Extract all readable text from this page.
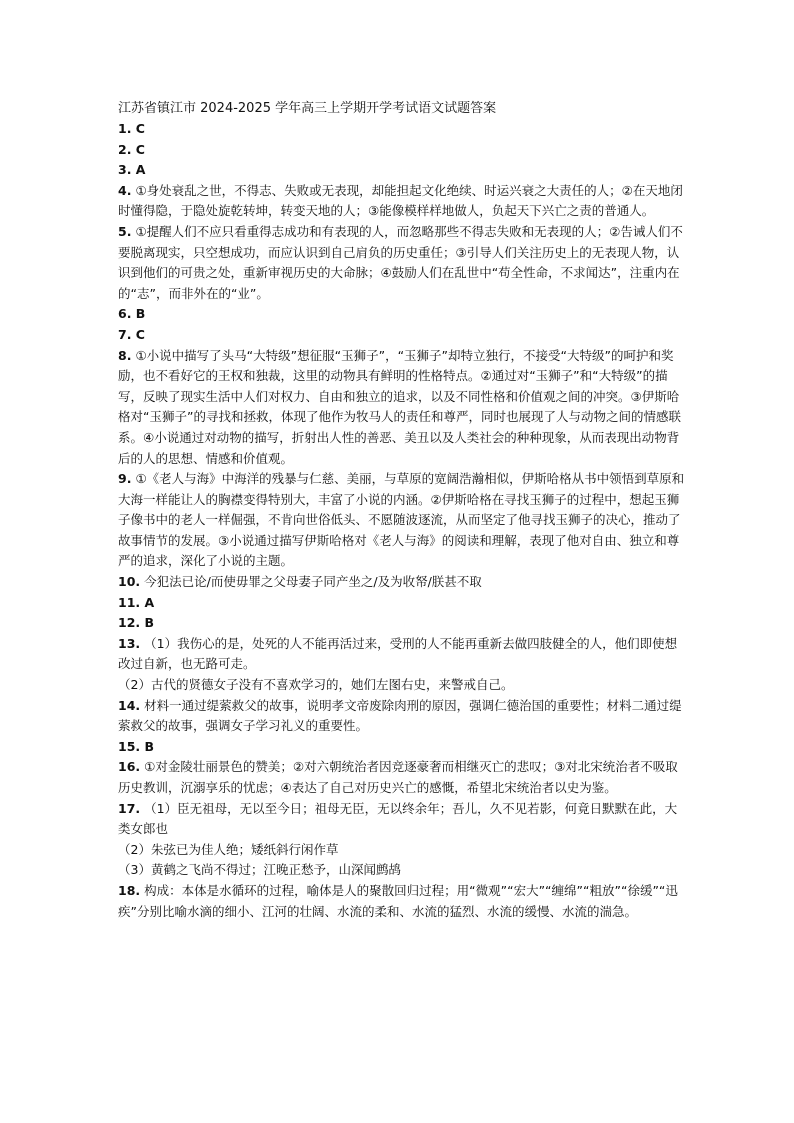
江苏省镇江市 2024-2025 学年高三上学期开学考试语文试题答案

1. C

2. C

3. A

4. ①身处衰乱之世，不得志、失败或无表现，却能担起文化绝续、时运兴衰之大责任的人；②在天地闭时懂得隐，于隐处旋乾转坤，转变天地的人；③能像模样样地做人，负起天下兴亡之责的普通人。

5. ①提醒人们不应只看重得志成功和有表现的人，而忽略那些不得志失败和无表现的人；②告诫人们不要脱离现实，只空想成功，而应认识到自己肩负的历史重任；③引导人们关注历史上的无表现人物，认识到他们的可贵之处，重新审视历史的大命脉；④鼓励人们在乱世中“苟全性命，不求闻达”，注重内在的“志”，而非外在的“业”。

6. B

7. C

8. ①小说中描写了头马“大特级”想征服“玉狮子”，“玉狮子”却特立独行，不接受“大特级”的呵护和奖励，也不看好它的王权和独裁，这里的动物具有鲜明的性格特点。②通过对“玉狮子”和“大特级”的描写，反映了现实生活中人们对权力、自由和独立的追求，以及不同性格和价值观之间的冲突。③伊斯哈格对“玉狮子”的寻找和拯救，体现了他作为牧马人的责任和尊严，同时也展现了人与动物之间的情感联系。④小说通过对动物的描写，折射出人性的善恶、美丑以及人类社会的种种现象，从而表现出动物背后的人的思想、情感和价值观。

9. ①《老人与海》中海洋的残暴与仁慈、美丽，与草原的宽阔浩瀚相似，伊斯哈格从书中领悟到草原和大海一样能让人的胸襟变得特别大，丰富了小说的内涵。②伊斯哈格在寻找玉狮子的过程中，想起玉狮子像书中的老人一样倔强，不肯向世俗低头、不愿随波逐流，从而坚定了他寻找玉狮子的决心，推动了故事情节的发展。③小说通过描写伊斯哈格对《老人与海》的阅读和理解，表现了他对自由、独立和尊严的追求，深化了小说的主题。

10. 今犯法已论/而使毋罪之父母妻子同产坐之/及为收帑/朕甚不取

11. A

12. B

13. （1）我伤心的是，处死的人不能再活过来，受刑的人不能再重新去做四肢健全的人，他们即使想改过自新，也无路可走。

（2）古代的贤德女子没有不喜欢学习的，她们左图右史，来警戒自己。

14. 材料一通过缇萦救父的故事，说明孝文帝废除肉刑的原因，强调仁德治国的重要性；材料二通过缇萦救父的故事，强调女子学习礼义的重要性。

15. B

16. ①对金陵壮丽景色的赞美；②对六朝统治者因竞逐豪奢而相继灭亡的悲叹；③对北宋统治者不吸取历史教训，沉溺享乐的忧虑；④表达了自己对历史兴亡的感慨，希望北宋统治者以史为鉴。

17. （1）臣无祖母，无以至今日；祖母无臣，无以终余年；吾儿，久不见若影，何竟日默默在此，大类女郎也

（2）朱弦已为佳人绝；矮纸斜行闲作草

（3）黄鹤之飞尚不得过；江晚正愁予，山深闻鹧鸪

18. 构成：本体是水循环的过程，喻体是人的聚散回归过程；用“微观”“宏大”“缠绵”“粗放”“徐缓”“迅疾”分别比喻水滴的细小、江河的壮阔、水流的柔和、水流的猛烈、水流的缓慢、水流的湍急。
